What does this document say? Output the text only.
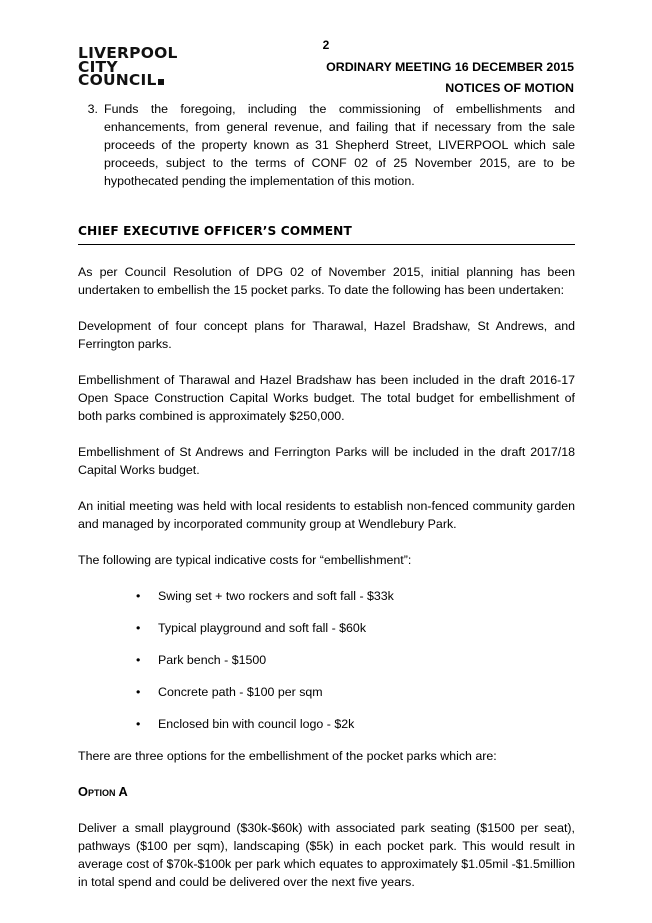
2
LIVERPOOL
CITY
COUNCIL
ORDINARY MEETING 16 DECEMBER 2015
NOTICES OF MOTION
3. Funds the foregoing, including the commissioning of embellishments and enhancements, from general revenue, and failing that if necessary from the sale proceeds of the property known as 31 Shepherd Street, LIVERPOOL which sale proceeds, subject to the terms of CONF 02 of 25 November 2015, are to be hypothecated pending the implementation of this motion.
CHIEF EXECUTIVE OFFICER’S COMMENT

As per Council Resolution of DPG 02 of November 2015, initial planning has been undertaken to embellish the 15 pocket parks. To date the following has been undertaken:

Development of four concept plans for Tharawal, Hazel Bradshaw, St Andrews, and Ferrington parks.

Embellishment of Tharawal and Hazel Bradshaw has been included in the draft 2016-17 Open Space Construction Capital Works budget. The total budget for embellishment of both parks combined is approximately $250,000.

Embellishment of St Andrews and Ferrington Parks will be included in the draft 2017/18 Capital Works budget.

An initial meeting was held with local residents to establish non-fenced community garden and managed by incorporated community group at Wendlebury Park.

The following are typical indicative costs for “embellishment”:

• Swing set + two rockers and soft fall - $33k
• Typical playground and soft fall - $60k
• Park bench - $1500
• Concrete path - $100 per sqm
• Enclosed bin with council logo - $2k

There are three options for the embellishment of the pocket parks which are:

Option A

Deliver a small playground ($30k-$60k) with associated park seating ($1500 per seat), pathways ($100 per sqm), landscaping ($5k) in each pocket park. This would result in average cost of $70k-$100k per park which equates to approximately $1.05mil -$1.5million in total spend and could be delivered over the next five years.
